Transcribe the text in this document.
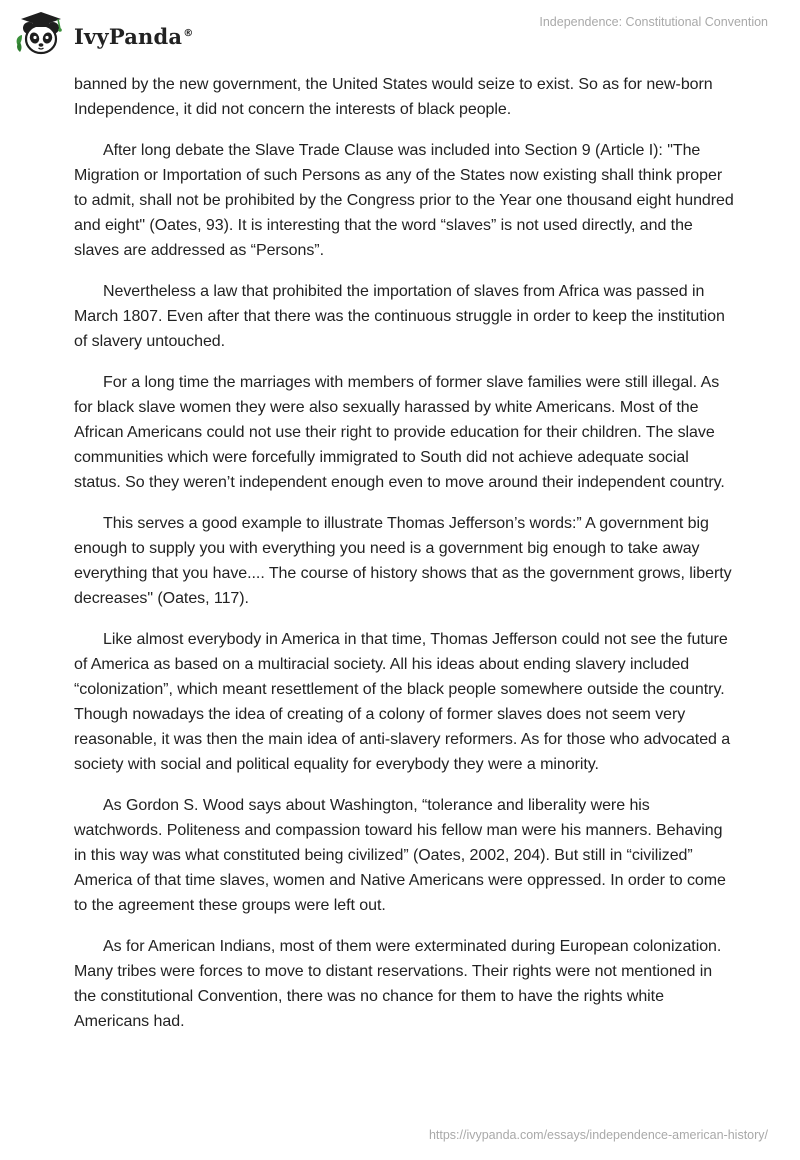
IvyPanda®
Independence: Constitutional Convention

banned by the new government, the United States would seize to exist. So as for new-born Independence, it did not concern the interests of black people.

After long debate the Slave Trade Clause was included into Section 9 (Article I): "The Migration or Importation of such Persons as any of the States now existing shall think proper to admit, shall not be prohibited by the Congress prior to the Year one thousand eight hundred and eight" (Oates, 93). It is interesting that the word “slaves” is not used directly, and the slaves are addressed as “Persons”.

Nevertheless a law that prohibited the importation of slaves from Africa was passed in March 1807. Even after that there was the continuous struggle in order to keep the institution of slavery untouched.

For a long time the marriages with members of former slave families were still illegal. As for black slave women they were also sexually harassed by white Americans. Most of the African Americans could not use their right to provide education for their children. The slave communities which were forcefully immigrated to South did not achieve adequate social status. So they weren’t independent enough even to move around their independent country.

This serves a good example to illustrate Thomas Jefferson’s words:” A government big enough to supply you with everything you need is a government big enough to take away everything that you have.... The course of history shows that as the government grows, liberty decreases" (Oates, 117).

Like almost everybody in America in that time, Thomas Jefferson could not see the future of America as based on a multiracial society. All his ideas about ending slavery included “colonization”, which meant resettlement of the black people somewhere outside the country. Though nowadays the idea of creating of a colony of former slaves does not seem very reasonable, it was then the main idea of anti-slavery reformers. As for those who advocated a society with social and political equality for everybody they were a minority.

As Gordon S. Wood says about Washington, “tolerance and liberality were his watchwords. Politeness and compassion toward his fellow man were his manners. Behaving in this way was what constituted being civilized” (Oates, 2002, 204). But still in “civilized” America of that time slaves, women and Native Americans were oppressed. In order to come to the agreement these groups were left out.

As for American Indians, most of them were exterminated during European colonization. Many tribes were forces to move to distant reservations. Their rights were not mentioned in the constitutional Convention, there was no chance for them to have the rights white Americans had.

https://ivypanda.com/essays/independence-american-history/
